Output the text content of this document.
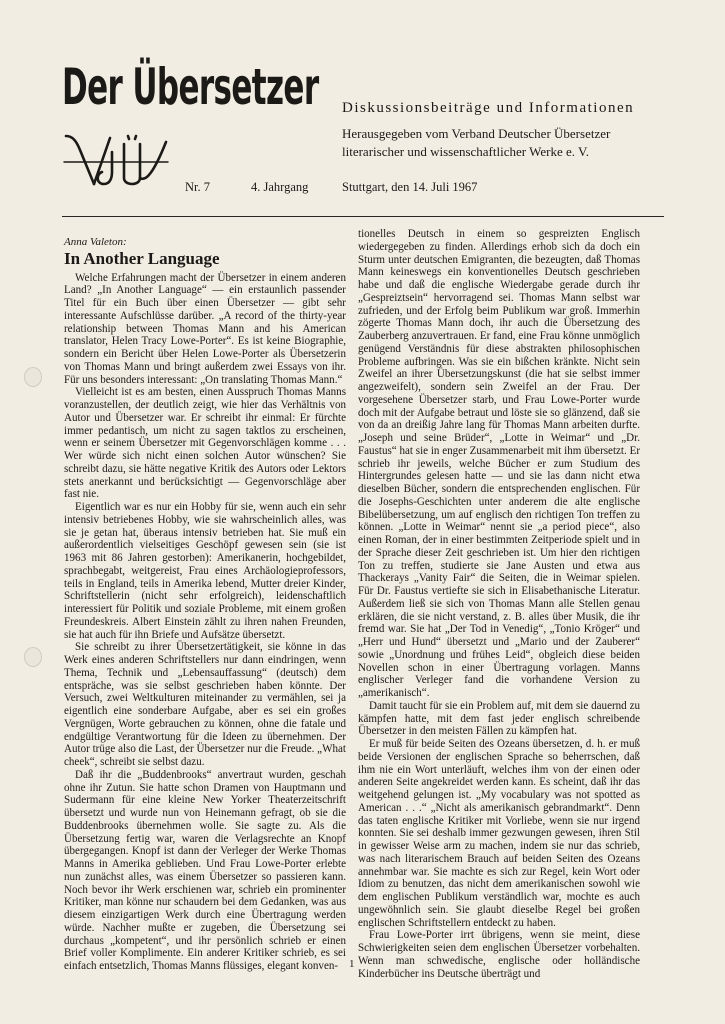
Der Übersetzer Diskussionsbeiträge und Informationen
Herausgegeben vom Verband Deutscher Übersetzer
literarischer und wissenschaftlicher Werke e. V.
Nr. 7	4. Jahrgang	Stuttgart, den 14. Juli 1967
Anna Valeton:
In Another Language

Welche Erfahrungen macht der Übersetzer in einem anderen Land? „In Another Language“ — ein erstaunlich passender Titel für ein Buch über einen Übersetzer — gibt sehr interessante Aufschlüsse darüber. „A record of the thirty-year relationship between Thomas Mann and his American translator, Helen Tracy Lowe-Porter“. Es ist keine Biographie, sondern ein Bericht über Helen Lowe-Porter als Übersetzerin von Thomas Mann und bringt außerdem zwei Essays von ihr. Für uns besonders interessant: „On translating Thomas Mann.“

Vielleicht ist es am besten, einen Ausspruch Thomas Manns voranzustellen, der deutlich zeigt, wie hier das Verhältnis von Autor und Übersetzer war. Er schreibt ihr einmal: Er fürchte immer pedantisch, um nicht zu sagen taktlos zu erscheinen, wenn er seinem Übersetzer mit Gegenvorschlägen komme . . . Wer würde sich nicht einen solchen Autor wünschen? Sie schreibt dazu, sie hätte negative Kritik des Autors oder Lektors stets anerkannt und berücksichtigt — Gegenvorschläge aber fast nie.

Eigentlich war es nur ein Hobby für sie, wenn auch ein sehr intensiv betriebenes Hobby, wie sie wahrscheinlich alles, was sie je getan hat, überaus intensiv betrieben hat. Sie muß ein außerordentlich vielseitiges Geschöpf gewesen sein (sie ist 1963 mit 86 Jahren gestorben): Amerikanerin, hochgebildet, sprachbegabt, weitgereist, Frau eines Archäologieprofessors, teils in England, teils in Amerika lebend, Mutter dreier Kinder, Schriftstellerin (nicht sehr erfolgreich), leidenschaftlich interessiert für Politik und soziale Probleme, mit einem großen Freundeskreis. Albert Einstein zählt zu ihren nahen Freunden, sie hat auch für ihn Briefe und Aufsätze übersetzt.

Sie schreibt zu ihrer Übersetzertätigkeit, sie könne in das Werk eines anderen Schriftstellers nur dann eindringen, wenn Thema, Technik und „Lebensauffassung“ (deutsch) dem entspräche, was sie selbst geschrieben haben könnte. Der Versuch, zwei Weltkulturen miteinander zu vermählen, sei ja eigentlich eine sonderbare Aufgabe, aber es sei ein großes Vergnügen, Worte gebrauchen zu können, ohne die fatale und endgültige Verantwortung für die Ideen zu übernehmen. Der Autor trüge also die Last, der Übersetzer nur die Freude. „What cheek“, schreibt sie selbst dazu.

Daß ihr die „Buddenbrooks“ anvertraut wurden, geschah ohne ihr Zutun. Sie hatte schon Dramen von Hauptmann und Sudermann für eine kleine New Yorker Theaterzeitschrift übersetzt und wurde nun von Heinemann gefragt, ob sie die Buddenbrooks übernehmen wolle. Sie sagte zu. Als die Übersetzung fertig war, waren die Verlagsrechte an Knopf übergegangen. Knopf ist dann der Verleger der Werke Thomas Manns in Amerika geblieben. Und Frau Lowe-Porter erlebte nun zunächst alles, was einem Übersetzer so passieren kann. Noch bevor ihr Werk erschienen war, schrieb ein prominenter Kritiker, man könne nur schaudern bei dem Gedanken, was aus diesem einzigartigen Werk durch eine Übertragung werden würde. Nachher mußte er zugeben, die Übersetzung sei durchaus „kompetent“, und ihr persönlich schrieb er einen Brief voller Komplimente. Ein anderer Kritiker schrieb, es sei einfach entsetzlich, Thomas Manns flüssiges, elegant konven-

tionelles Deutsch in einem so gespreizten Englisch wiedergegeben zu finden. Allerdings erhob sich da doch ein Sturm unter deutschen Emigranten, die bezeugten, daß Thomas Mann keineswegs ein konventionelles Deutsch geschrieben habe und daß die englische Wiedergabe gerade durch ihr „Gespreiztsein“ hervorragend sei. Thomas Mann selbst war zufrieden, und der Erfolg beim Publikum war groß. Immerhin zögerte Thomas Mann doch, ihr auch die Übersetzung des Zauberberg anzuvertrauen. Er fand, eine Frau könne unmöglich genügend Verständnis für diese abstrakten philosophischen Probleme aufbringen. Was sie ein bißchen kränkte. Nicht sein Zweifel an ihrer Übersetzungskunst (die hat sie selbst immer angezweifelt), sondern sein Zweifel an der Frau. Der vorgesehene Übersetzer starb, und Frau Lowe-Porter wurde doch mit der Aufgabe betraut und löste sie so glänzend, daß sie von da an dreißig Jahre lang für Thomas Mann arbeiten durfte. „Joseph und seine Brüder“, „Lotte in Weimar“ und „Dr. Faustus“ hat sie in enger Zusammenarbeit mit ihm übersetzt. Er schrieb ihr jeweils, welche Bücher er zum Studium des Hintergrundes gelesen hatte — und sie las dann nicht etwa dieselben Bücher, sondern die entsprechenden englischen. Für die Josephs-Geschichten unter anderem die alte englische Bibelübersetzung, um auf englisch den richtigen Ton treffen zu können. „Lotte in Weimar“ nennt sie „a period piece“, also einen Roman, der in einer bestimmten Zeitperiode spielt und in der Sprache dieser Zeit geschrieben ist. Um hier den richtigen Ton zu treffen, studierte sie Jane Austen und etwa aus Thackerays „Vanity Fair“ die Seiten, die in Weimar spielen. Für Dr. Faustus vertiefte sie sich in Elisabethanische Literatur. Außerdem ließ sie sich von Thomas Mann alle Stellen genau erklären, die sie nicht verstand, z. B. alles über Musik, die ihr fremd war. Sie hat „Der Tod in Venedig“, „Tonio Kröger“ und „Herr und Hund“ übersetzt und „Mario und der Zauberer“ sowie „Unordnung und frühes Leid“, obgleich diese beiden Novellen schon in einer Übertragung vorlagen. Manns englischer Verleger fand die vorhandene Version zu „amerikanisch“.

Damit taucht für sie ein Problem auf, mit dem sie dauernd zu kämpfen hatte, mit dem fast jeder englisch schreibende Übersetzer in den meisten Fällen zu kämpfen hat.

Er muß für beide Seiten des Ozeans übersetzen, d. h. er muß beide Versionen der englischen Sprache so beherrschen, daß ihm nie ein Wort unterläuft, welches ihm von der einen oder anderen Seite angekreidet werden kann. Es scheint, daß ihr das weitgehend gelungen ist. „My vocabulary was not spotted as American . . .“ „Nicht als amerikanisch gebrandmarkt“. Denn das taten englische Kritiker mit Vorliebe, wenn sie nur irgend konnten. Sie sei deshalb immer gezwungen gewesen, ihren Stil in gewisser Weise arm zu machen, indem sie nur das schrieb, was nach literarischem Brauch auf beiden Seiten des Ozeans annehmbar war. Sie machte es sich zur Regel, kein Wort oder Idiom zu benutzen, das nicht dem amerikanischen sowohl wie dem englischen Publikum verständlich war, mochte es auch ungewöhnlich sein. Sie glaubt dieselbe Regel bei großen englischen Schriftstellern entdeckt zu haben.

Frau Lowe-Porter irrt übrigens, wenn sie meint, diese Schwierigkeiten seien dem englischen Übersetzer vorbehalten. Wenn man schwedische, englische oder holländische Kinderbücher ins Deutsche überträgt und

1
